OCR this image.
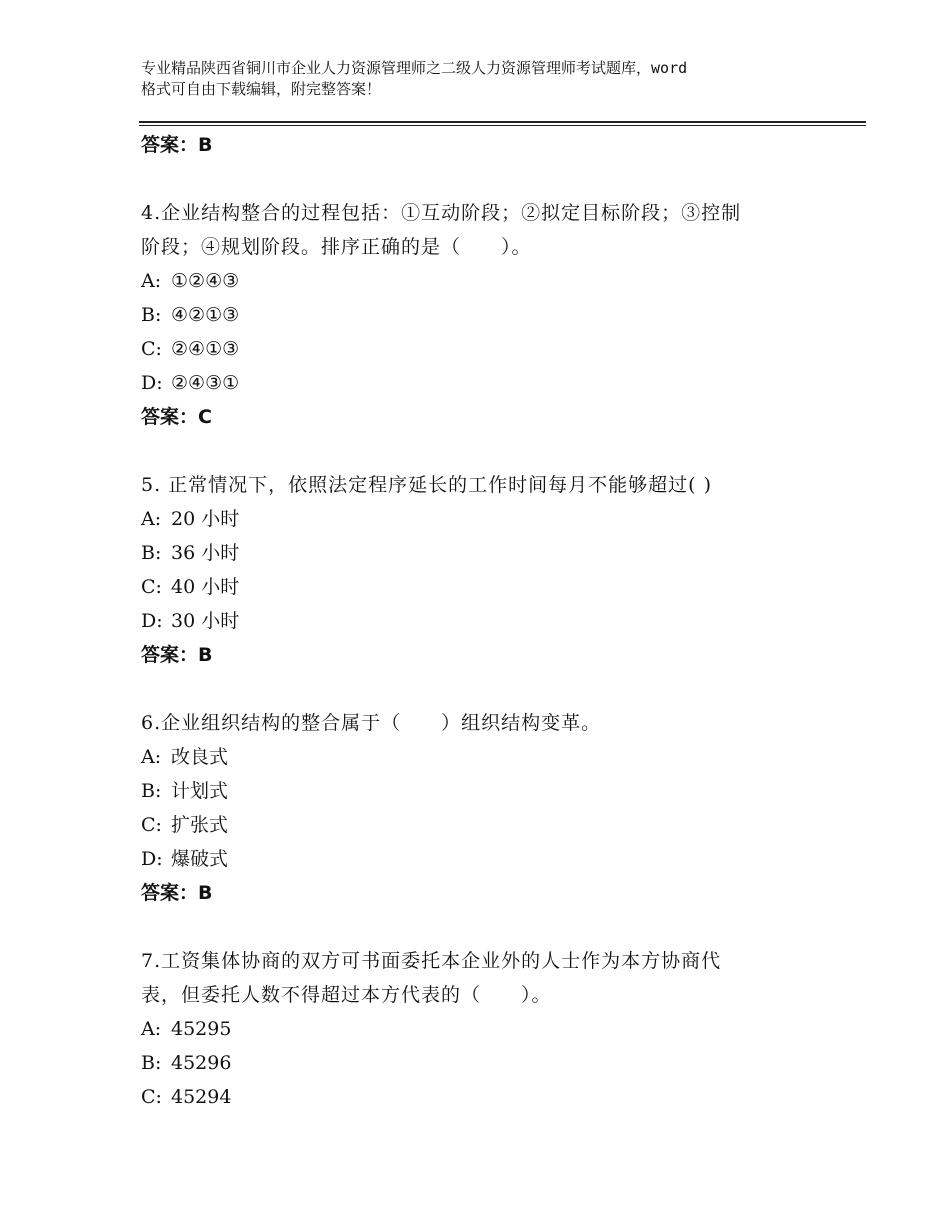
专业精品陕西省铜川市企业人力资源管理师之二级人力资源管理师考试题库，word
格式可自由下载编辑，附完整答案！
答案：B
4.企业结构整合的过程包括：①互动阶段；②拟定目标阶段；③控制
阶段；④规划阶段。排序正确的是（　　）。
A: ①②④③
B: ④②①③
C: ②④①③
D: ②④③①
答案：C
5. 正常情况下，依照法定程序延长的工作时间每月不能够超过( )
A: 20 小时
B: 36 小时
C: 40 小时
D: 30 小时
答案：B
6.企业组织结构的整合属于（　　）组织结构变革。
A: 改良式
B: 计划式
C: 扩张式
D: 爆破式
答案：B
7.工资集体协商的双方可书面委托本企业外的人士作为本方协商代
表，但委托人数不得超过本方代表的（　　）。
A: 45295
B: 45296
C: 45294
